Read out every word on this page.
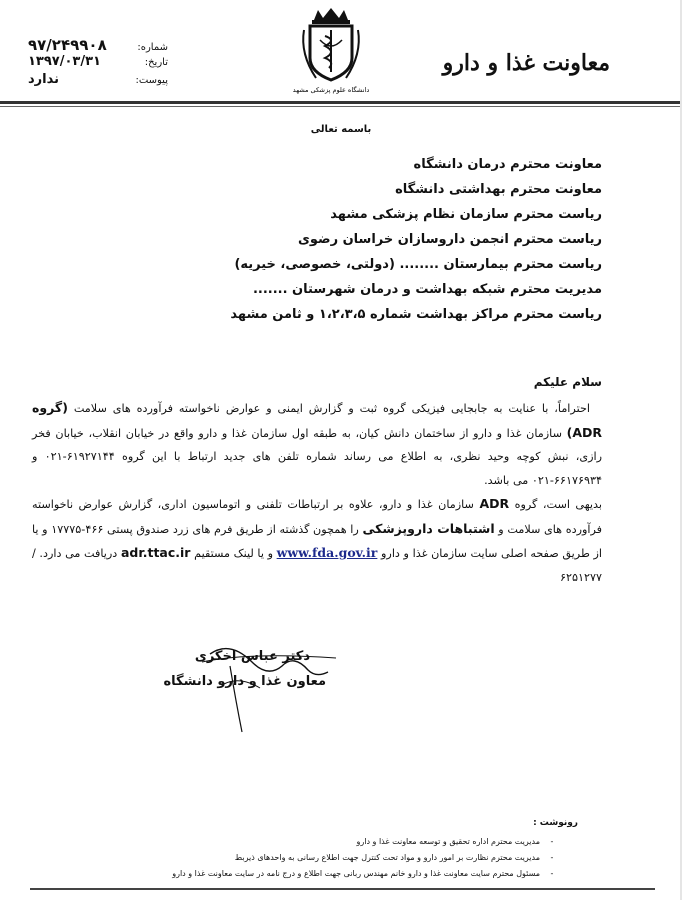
معاونت غذا و دارو
شماره:
۹۷/۲۴۹۹۰۸
تاریخ:
۱۳۹۷/۰۳/۳۱
پیوست:
ندارد
دانشگاه علوم پزشکی مشهد
باسمه تعالی
معاونت محترم درمان دانشگاه
معاونت محترم بهداشتی دانشگاه
ریاست محترم سازمان نظام پزشکی مشهد
ریاست محترم انجمن داروسازان خراسان رضوی
ریاست محترم بیمارستان ........ (دولتی، خصوصی، خیریه)
مدیریت محترم شبکه بهداشت و درمان شهرستان .......
ریاست محترم مراکز بهداشت شماره ۱،۲،۳،۵ و ثامن مشهد
سلام علیکم

احتراماً، با عنایت به جابجایی فیزیکی گروه ثبت و گزارش ایمنی و عوارض ناخواسته فرآورده های سلامت (گروه ADR) سازمان غذا و دارو از ساختمان دانش کیان، به طبقه اول سازمان غذا و دارو واقع در خیابان انقلاب، خیابان فخر رازی، نبش کوچه وحید نظری، به اطلاع می رساند شماره تلفن های جدید ارتباط با این گروه ۶۱۹۲۷۱۴۴-۰۲۱ و ۶۶۱۷۶۹۳۴-۰۲۱ می باشد.

بدیهی است، گروه ADR سازمان غذا و دارو، علاوه بر ارتباطات تلفنی و اتوماسیون اداری، گزارش عوارض ناخواسته فرآورده های سلامت و اشتباهات داروپزشکی را همچون گذشته از طریق فرم های زرد صندوق پستی ۴۶۶-۱۷۷۷۵ و یا از طریق صفحه اصلی سایت سازمان غذا و دارو www.fda.gov.ir و یا لینک مستقیم adr.ttac.ir دریافت می دارد. /۶۲۵۱۲۷۷

دکتر عباس اخگری
معاون غذا و دارو دانشگاه
رونوشت :
-مدیریت محترم اداره تحقیق و توسعه معاونت غذا و دارو
-مدیریت محترم نظارت بر امور دارو و مواد تحت کنترل جهت اطلاع رسانی به واحدهای ذیربط
-مسئول محترم سایت معاونت غذا و دارو خانم مهندس ربانی جهت اطلاع و درج نامه در سایت معاونت غذا و دارو
